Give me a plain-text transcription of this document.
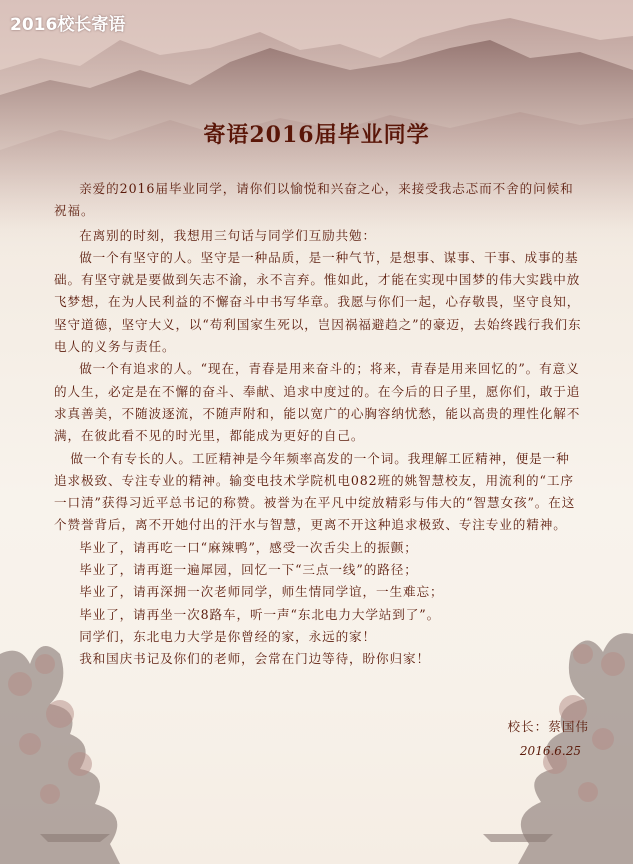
2016校长寄语
寄语2016届毕业同学

亲爱的2016届毕业同学，请你们以愉悦和兴奋之心，来接受我忐忑而不舍的问候和祝福。

在离别的时刻，我想用三句话与同学们互励共勉：

做一个有坚守的人。坚守是一种品质，是一种气节，是想事、谋事、干事、成事的基础。有坚守就是要做到矢志不渝，永不言弃。惟如此，才能在实现中国梦的伟大实践中放飞梦想，在为人民利益的不懈奋斗中书写华章。我愿与你们一起，心存敬畏，坚守良知，坚守道德，坚守大义，以“苟利国家生死以，岂因祸福避趋之”的豪迈，去始终践行我们东电人的义务与责任。

做一个有追求的人。“现在，青春是用来奋斗的；将来，青春是用来回忆的”。有意义的人生，必定是在不懈的奋斗、奉献、追求中度过的。在今后的日子里，愿你们，敢于追求真善美，不随波逐流，不随声附和，能以宽广的心胸容纳忧愁，能以高贵的理性化解不满，在彼此看不见的时光里，都能成为更好的自己。

做一个有专长的人。工匠精神是今年频率高发的一个词。我理解工匠精神，便是一种追求极致、专注专业的精神。输变电技术学院机电082班的姚智慧校友，用流利的“工序一口清”获得习近平总书记的称赞。被誉为在平凡中绽放精彩与伟大的“智慧女孩”。在这个赞誉背后，离不开她付出的汗水与智慧，更离不开这种追求极致、专注专业的精神。

毕业了，请再吃一口“麻辣鸭”，感受一次舌尖上的振颤；

毕业了，请再逛一遍犀园，回忆一下“三点一线”的路径；

毕业了，请再深拥一次老师同学，师生情同学谊，一生难忘；

毕业了，请再坐一次8路车，听一声“东北电力大学站到了”。

同学们，东北电力大学是你曾经的家，永远的家！

我和国庆书记及你们的老师，会常在门边等待，盼你归家！

校长：蔡国伟
2016.6.25
